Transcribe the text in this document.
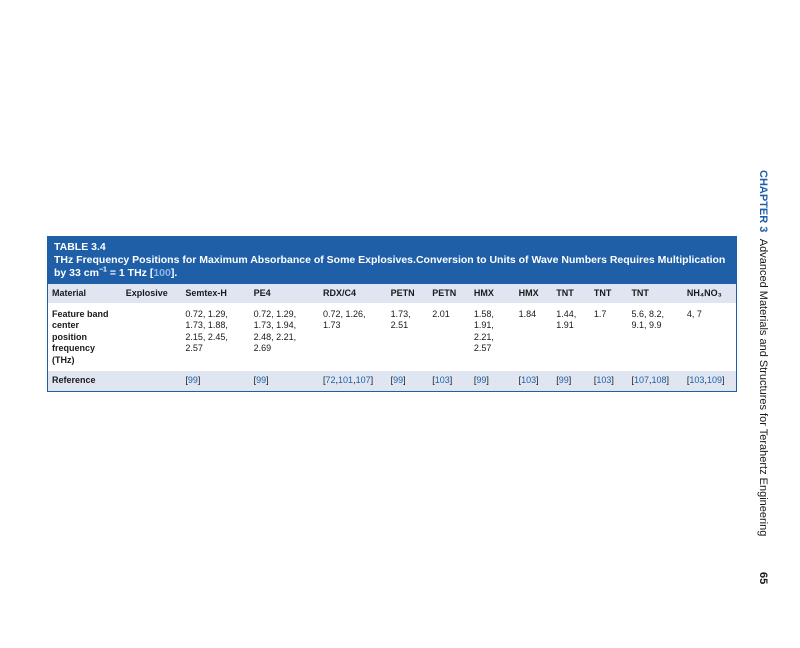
TABLE 3.4
THz Frequency Positions for Maximum Absorbance of Some Explosives.Conversion to Units of Wave Numbers Requires Multiplication by 33 $cm^{-1} = 1$ THz [100].
Material	Explosive	Semtex-H	PE4	RDX/C4	PETN	PETN	HMX	HMX	TNT	TNT	TNT	NH₄NO₃

Feature band
center
position
frequency
(THz)		0.72, 1.29,
1.73, 1.88,
2.15, 2.45,
2.57	0.72, 1.29,
1.73, 1.94,
2.48, 2.21,
2.69	0.72, 1.26,
1.73	1.73,
2.51	2.01	1.58,
1.91,
2.21,
2.57	1.84	1.44,
1.91	1.7	5.6, 8.2,
9.1, 9.9	4, 7

Reference		[99]	[99]	[72,101,107]	[99]	[103]	[99]	[103]	[99]	[103]	[107,108]	[103,109]
CHAPTER 3 Advanced Materials and Structures for Terahertz Engineering
65
